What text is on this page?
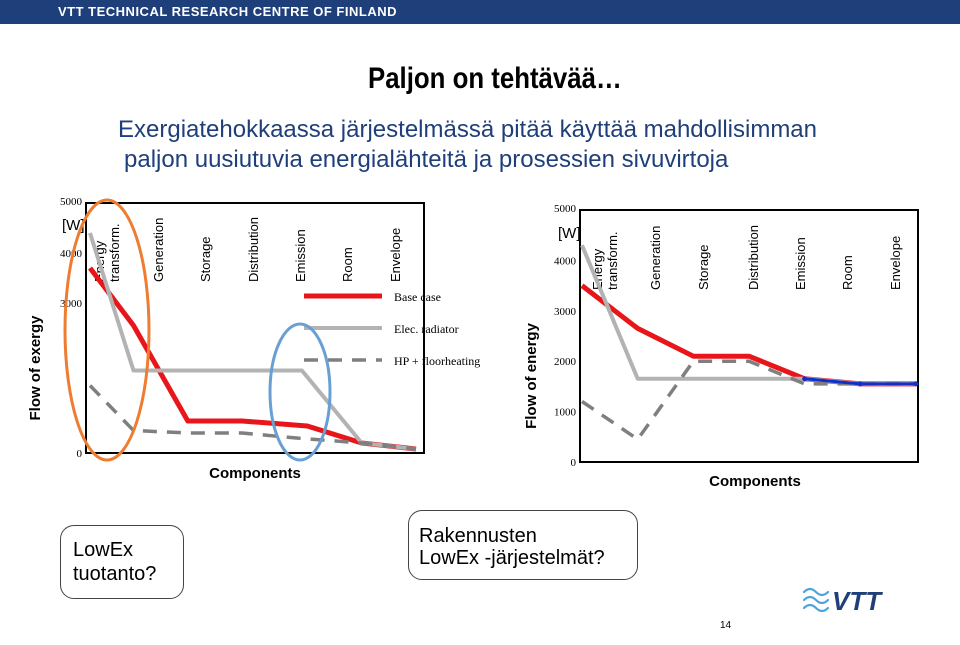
VTT TECHNICAL RESEARCH CENTRE OF FINLAND
Paljon on tehtävää…
Exergiatehokkaassa järjestelmässä pitää käyttää mahdollisimman
paljon uusiutuvia energialähteitä ja prosessien sivuvirtoja
0
3000
4000
5000
[W]
Flow of exergy
Energytransform. Generation Storage	Distribution Emission Room	Envelope
Components
Base case
Elec. radiator
HP + floorheating
0
1000
2000
3000
4000
5000
[W]
Flow of energy
Energytransform. Generation	Storage	Distribution Emission Room	Envelope
Components
LowEx
tuotanto?
Rakennusten
LowEx -järjestelmät?
VTT
14
